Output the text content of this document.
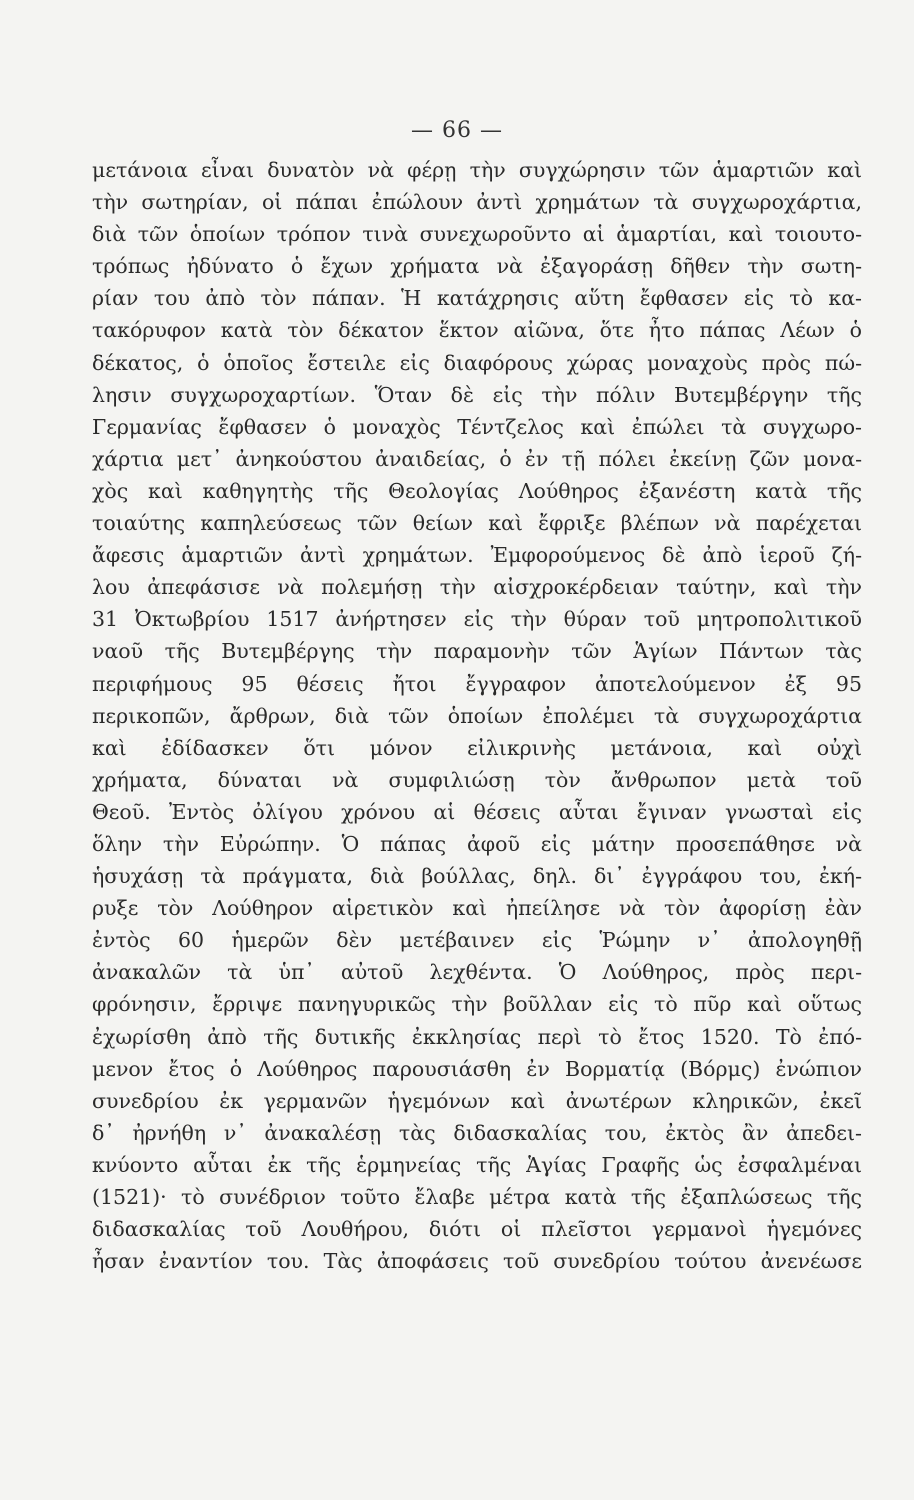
— 66 —
μετάνοια εἶναι δυνατὸν νὰ φέρῃ τὴν συγχώρησιν τῶν ἁμαρτιῶν καὶ
τὴν σωτηρίαν, οἱ πάπαι ἐπώλουν ἀντὶ χρημάτων τὰ συγχωροχάρτια,
διὰ τῶν ὁποίων τρόπον τινὰ συνεχωροῦντο αἱ ἁμαρτίαι, καὶ τοιουτο-
τρόπως ἠδύνατο ὁ ἔχων χρήματα νὰ ἐξαγοράσῃ δῆθεν τὴν σωτη-
ρίαν του ἀπὸ τὸν πάπαν. Ἡ κατάχρησις αὕτη ἔφθασεν εἰς τὸ κα-
τακόρυφον κατὰ τὸν δέκατον ἕκτον αἰῶνα, ὅτε ἦτο πάπας Λέων ὁ
δέκατος, ὁ ὁποῖος ἔστειλε εἰς διαφόρους χώρας μοναχοὺς πρὸς πώ-
λησιν συγχωροχαρτίων. Ὅταν δὲ εἰς τὴν πόλιν Βυτεμβέργην τῆς
Γερμανίας ἔφθασεν ὁ μοναχὸς Τέντζελος καὶ ἐπώλει τὰ συγχωρο-
χάρτια μετ᾽ ἀνηκούστου ἀναιδείας, ὁ ἐν τῇ πόλει ἐκείνῃ ζῶν μονα-
χὸς καὶ καθηγητὴς τῆς Θεολογίας Λούθηρος ἐξανέστη κατὰ τῆς
τοιαύτης καπηλεύσεως τῶν θείων καὶ ἔφριξε βλέπων νὰ παρέχεται
ἄφεσις ἁμαρτιῶν ἀντὶ χρημάτων. Ἐμφορούμενος δὲ ἀπὸ ἱεροῦ ζή-
λου ἀπεφάσισε νὰ πολεμήσῃ τὴν αἰσχροκέρδειαν ταύτην, καὶ τὴν
31 Ὀκτωβρίου 1517 ἀνήρτησεν εἰς τὴν θύραν τοῦ μητροπολιτικοῦ
ναοῦ τῆς Βυτεμβέργης τὴν παραμονὴν τῶν Ἁγίων Πάντων τὰς
περιφήμους 95 θέσεις ἤτοι ἔγγραφον ἀποτελούμενον ἐξ 95
περικοπῶν, ἄρθρων, διὰ τῶν ὁποίων ἐπολέμει τὰ συγχωροχάρτια
καὶ ἐδίδασκεν ὅτι μόνον εἰλικρινὴς μετάνοια, καὶ οὐχὶ
χρήματα, δύναται νὰ συμφιλιώσῃ τὸν ἄνθρωπον μετὰ τοῦ
Θεοῦ. Ἐντὸς ὀλίγου χρόνου αἱ θέσεις αὗται ἔγιναν γνωσταὶ εἰς
ὅλην τὴν Εὐρώπην. Ὁ πάπας ἀφοῦ εἰς μάτην προσεπάθησε νὰ
ἡσυχάσῃ τὰ πράγματα, διὰ βούλλας, δηλ. δι᾽ ἐγγράφου του, ἐκή-
ρυξε τὸν Λούθηρον αἱρετικὸν καὶ ἠπείλησε νὰ τὸν ἀφορίσῃ ἐὰν
ἐντὸς 60 ἡμερῶν δὲν μετέβαινεν εἰς Ῥώμην ν᾽ ἀπολογηθῇ
ἀνακαλῶν τὰ ὑπ᾽ αὐτοῦ λεχθέντα. Ὁ Λούθηρος, πρὸς περι-
φρόνησιν, ἔρριψε πανηγυρικῶς τὴν βοῦλλαν εἰς τὸ πῦρ καὶ οὕτως
ἐχωρίσθη ἀπὸ τῆς δυτικῆς ἐκκλησίας περὶ τὸ ἔτος 1520. Τὸ ἐπό-
μενον ἔτος ὁ Λούθηρος παρουσιάσθη ἐν Βορματίᾳ (Βόρμς) ἐνώπιον
συνεδρίου ἐκ γερμανῶν ἡγεμόνων καὶ ἀνωτέρων κληρικῶν, ἐκεῖ
δ᾽ ἠρνήθη ν᾽ ἀνακαλέσῃ τὰς διδασκαλίας του, ἐκτὸς ἂν ἀπεδει-
κνύοντο αὗται ἐκ τῆς ἑρμηνείας τῆς Ἁγίας Γραφῆς ὡς ἐσφαλμέναι
(1521)· τὸ συνέδριον τοῦτο ἔλαβε μέτρα κατὰ τῆς ἐξαπλώσεως τῆς
διδασκαλίας τοῦ Λουθήρου, διότι οἱ πλεῖστοι γερμανοὶ ἡγεμόνες
ἦσαν ἐναντίον του. Τὰς ἀποφάσεις τοῦ συνεδρίου τούτου ἀνενέωσε
